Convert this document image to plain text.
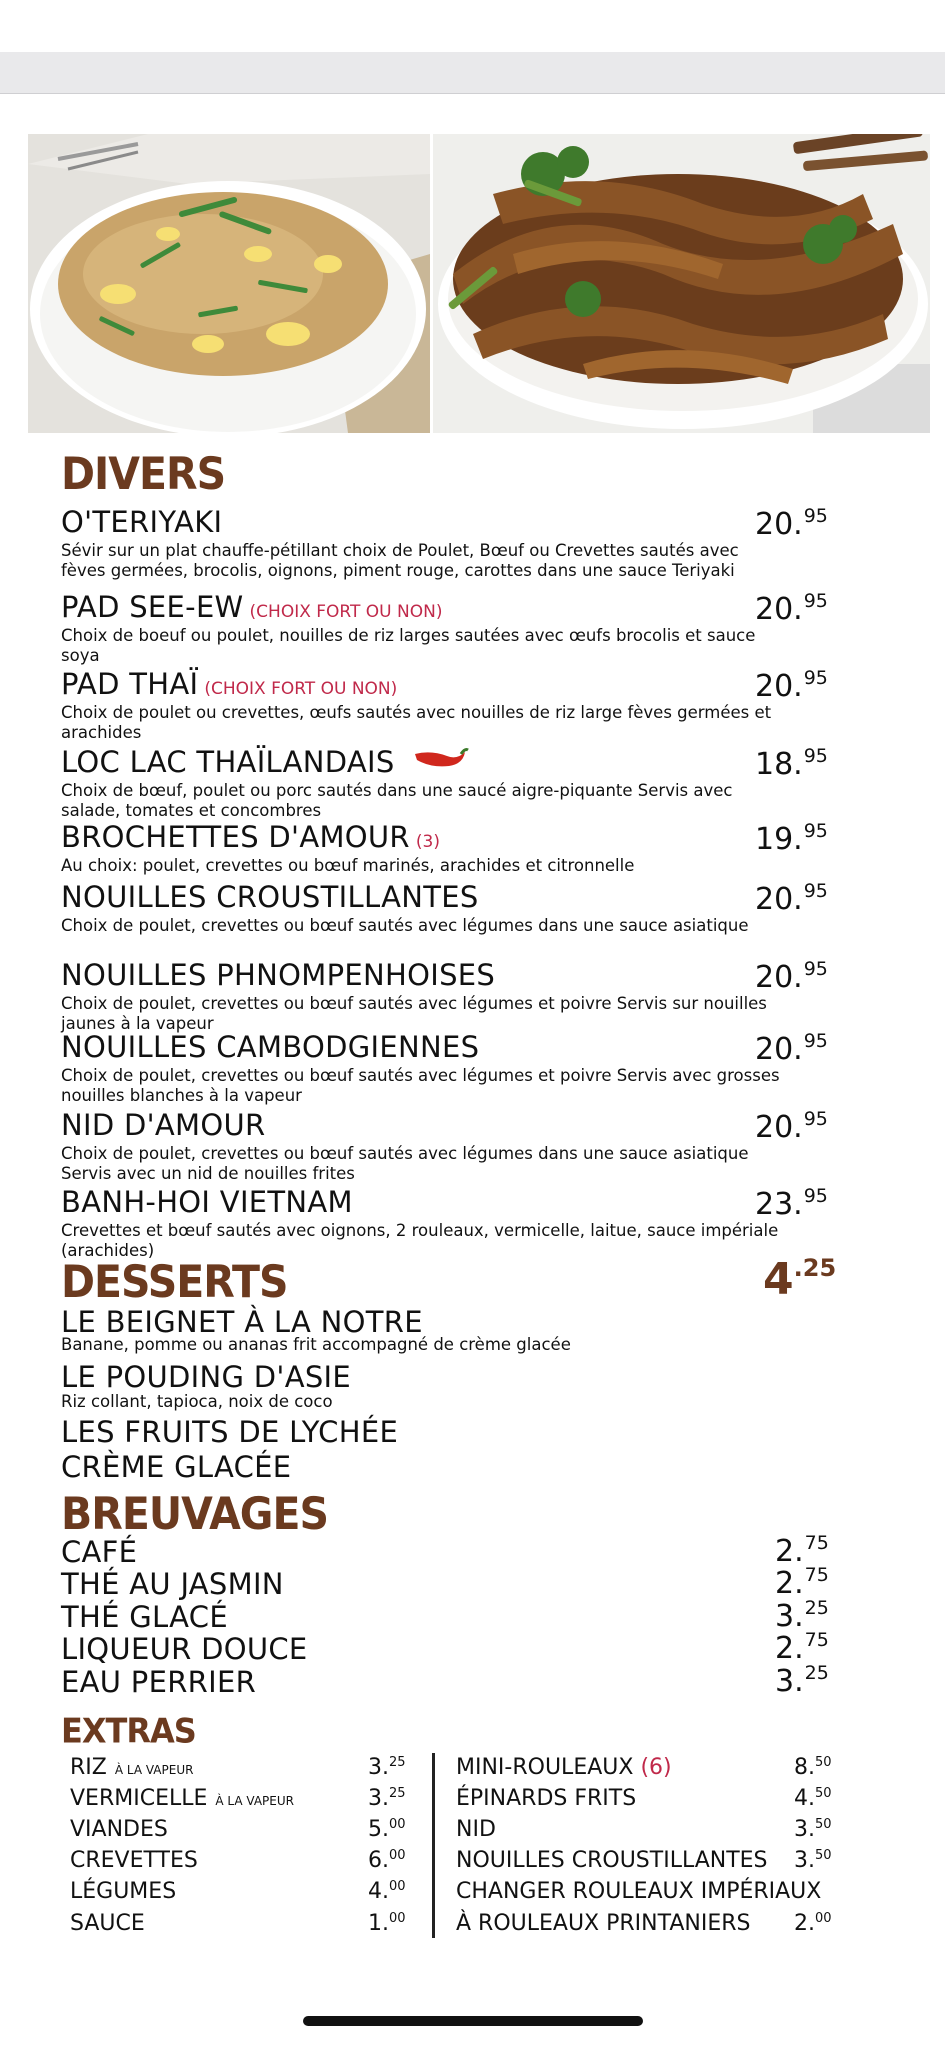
DIVERS
O'TERIYAKI
Sévir sur un plat chauffe-pétillant choix de Poulet, Bœuf ou Crevettes sautés avec fèves germées, brocolis, oignons, piment rouge, carottes dans une sauce Teriyaki
20.95
PAD SEE-EW (CHOIX FORT OU NON)
Choix de boeuf ou poulet, nouilles de riz larges sautées avec œufs brocolis et sauce soya
20.95
PAD THAÏ (CHOIX FORT OU NON)
Choix de poulet ou crevettes, œufs sautés avec nouilles de riz large fèves germées et arachides
20.95
LOC LAC THAÏLANDAIS
Choix de bœuf, poulet ou porc sautés dans une saucé aigre-piquante Servis avec salade, tomates et concombres
18.95
BROCHETTES D'AMOUR (3)
Au choix: poulet, crevettes ou bœuf marinés, arachides et citronnelle
19.95
NOUILLES CROUSTILLANTES
Choix de poulet, crevettes ou bœuf sautés avec légumes dans une sauce asiatique
20.95
NOUILLES PHNOMPENHOISES
Choix de poulet, crevettes ou bœuf sautés avec légumes et poivre Servis sur nouilles jaunes à la vapeur
20.95
NOUILLES CAMBODGIENNES
Choix de poulet, crevettes ou bœuf sautés avec légumes et poivre Servis avec grosses nouilles blanches à la vapeur
20.95
NID D'AMOUR
Choix de poulet, crevettes ou bœuf sautés avec légumes dans une sauce asiatique Servis avec un nid de nouilles frites
20.95
BANH-HOI VIETNAM
Crevettes et bœuf sautés avec oignons, 2 rouleaux, vermicelle, laitue, sauce impériale (arachides)
23.95
DESSERTS	$4^{.25}$
LE BEIGNET À LA NOTRE
Banane, pomme ou ananas frit accompagné de crème glacée
LE POUDING D'ASIE
Riz collant, tapioca, noix de coco
LES FRUITS DE LYCHÉE
CRÈME GLACÉE
BREUVAGES
CAFÉ	2.75
THÉ AU JASMIN	2.75
THÉ GLACÉ	3.25
LIQUEUR DOUCE	2.75
EAU PERRIER	3.25
EXTRAS
RIZ À LA VAPEUR	3.25
VERMICELLE À LA VAPEUR	3.25
VIANDES	5.00
CREVETTES	6.00
LÉGUMES	4.00
SAUCE	1.00
MINI-ROULEAUX (6)	8.50
ÉPINARDS FRITS	4.50
NID	3.50
NOUILLES CROUSTILLANTES 3.50
CHANGER ROULEAUX IMPÉRIAUX
À ROULEAUX PRINTANIERS 2.00
